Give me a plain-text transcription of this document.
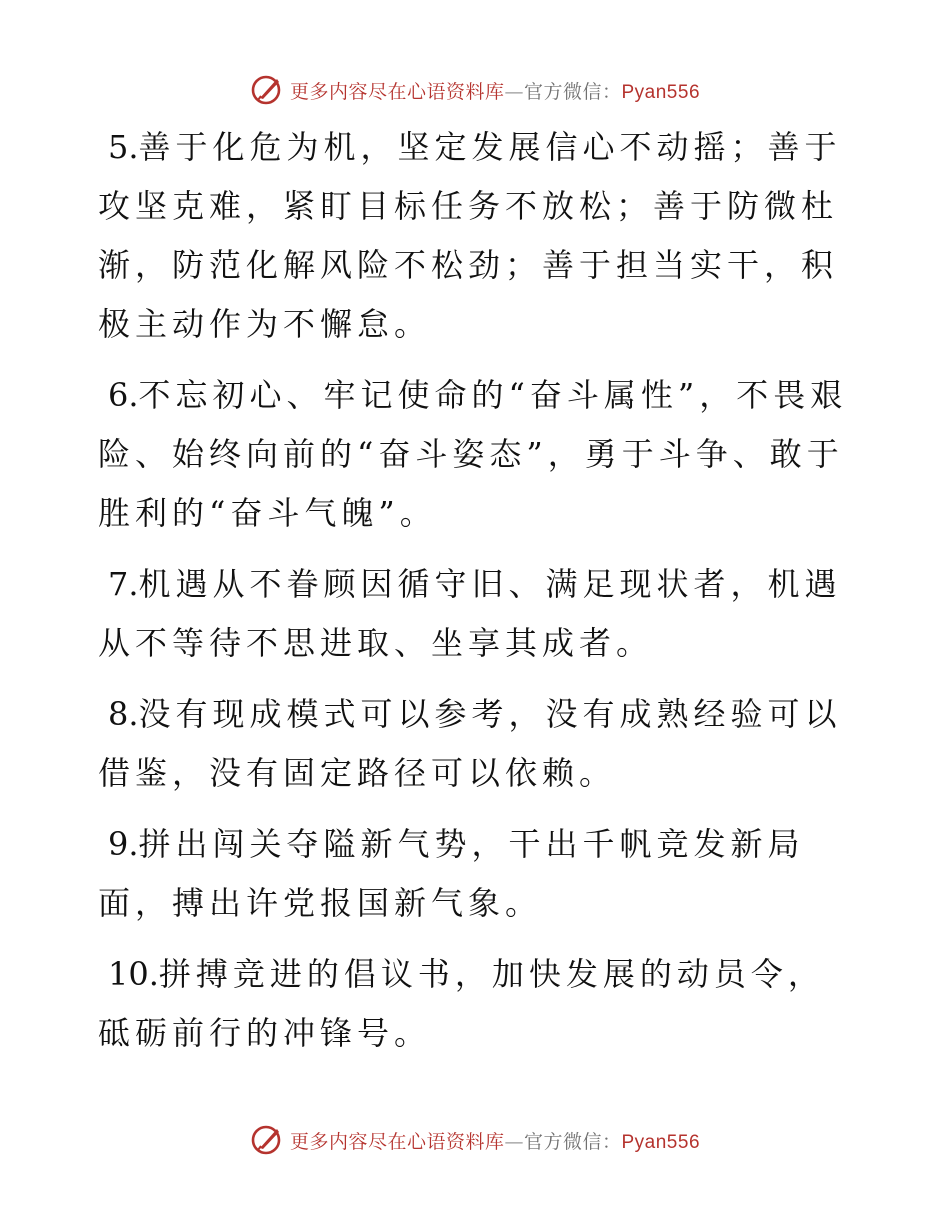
更多内容尽在心语资料库—官方微信：Pyan556

5.善于化危为机，坚定发展信心不动摇；善于攻坚克难，紧盯目标任务不放松；善于防微杜渐，防范化解风险不松劲；善于担当实干，积极主动作为不懈怠。

6.不忘初心、牢记使命的“奋斗属性”，不畏艰险、始终向前的“奋斗姿态”，勇于斗争、敢于胜利的“奋斗气魄”。

7.机遇从不眷顾因循守旧、满足现状者，机遇从不等待不思进取、坐享其成者。

8.没有现成模式可以参考，没有成熟经验可以借鉴，没有固定路径可以依赖。

9.拼出闯关夺隘新气势，干出千帆竞发新局面，搏出许党报国新气象。

10.拼搏竞进的倡议书，加快发展的动员令，砥砺前行的冲锋号。

更多内容尽在心语资料库—官方微信：Pyan556
